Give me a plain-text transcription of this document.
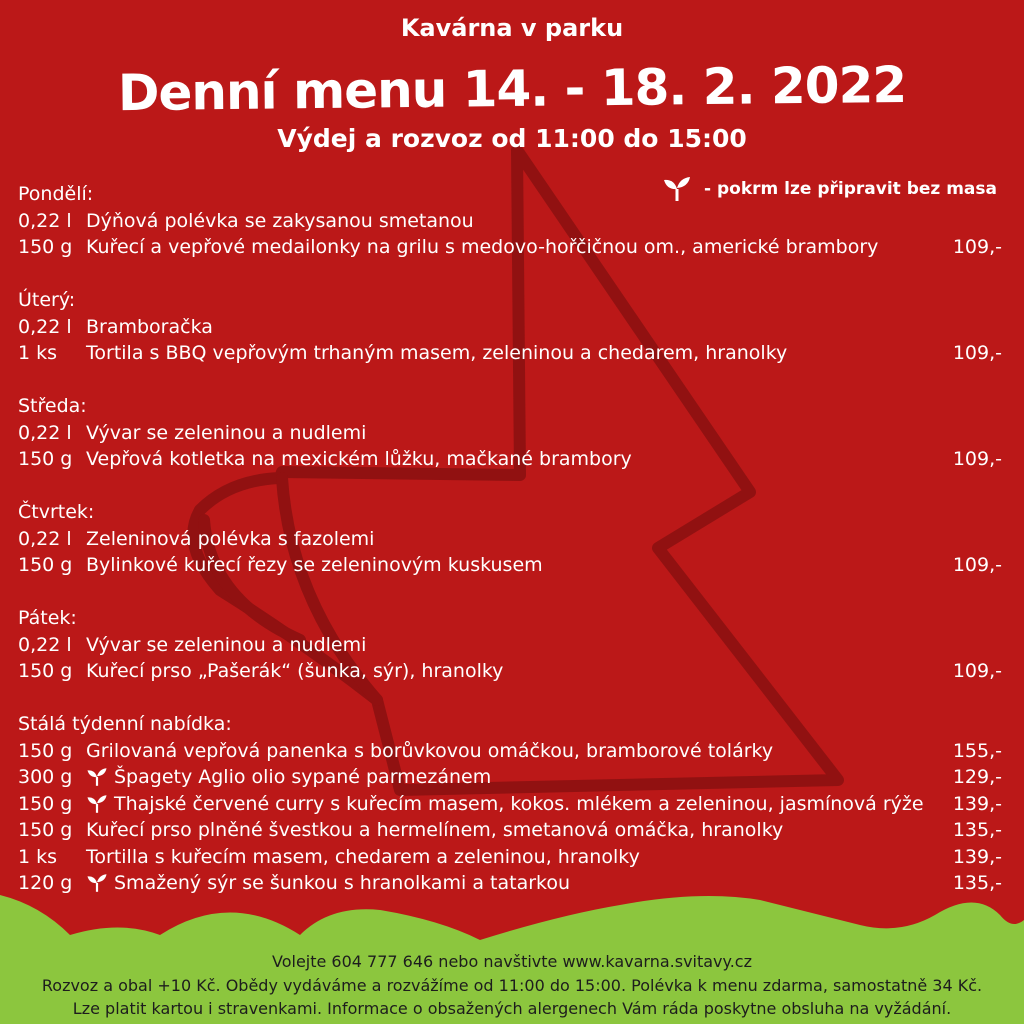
Kavárna v parku
Denní menu 14. - 18. 2. 2022
Výdej a rozvoz od 11:00 do 15:00
- pokrm lze připravit bez masa
Pondělí:
0,22 l Dýňová polévka se zakysanou smetanou
150 g Kuřecí a vepřové medailonky na grilu s medovo-hořčičnou om., americké brambory	109,-
Úterý:
0,22 l Bramboračka
1 ks	Tortila s BBQ vepřovým trhaným masem, zeleninou a chedarem, hranolky	109,-
Středa:
0,22 l Vývar se zeleninou a nudlemi
150 g Vepřová kotletka na mexickém lůžku, mačkané brambory	109,-
Čtvrtek:
0,22 l Zeleninová polévka s fazolemi
150 g Bylinkové kuřecí řezy se zeleninovým kuskusem	109,-
Pátek:
0,22 l Vývar se zeleninou a nudlemi
150 g Kuřecí prso „Pašerák“ (šunka, sýr), hranolky	109,-
Stálá týdenní nabídka:
150 g Grilovaná vepřová panenka s borůvkovou omáčkou, bramborové tolárky	155,-
300 g	Špagety Aglio olio sypané parmezánem	129,-
150 g	Thajské červené curry s kuřecím masem, kokos. mlékem a zeleninou, jasmínová rýže 139,-
150 g Kuřecí prso plněné švestkou a hermelínem, smetanová omáčka, hranolky	135,-
1 ks	Tortilla s kuřecím masem, chedarem a zeleninou, hranolky	139,-
120 g	Smažený sýr se šunkou s hranolkami a tatarkou	135,-
Volejte 604 777 646 nebo navštivte www.kavarna.svitavy.cz
Rozvoz a obal +10 Kč. Obědy vydáváme a rozvážíme od 11:00 do 15:00. Polévka k menu zdarma, samostatně 34 Kč.
Lze platit kartou i stravenkami. Informace o obsažených alergenech Vám ráda poskytne obsluha na vyžádání.
